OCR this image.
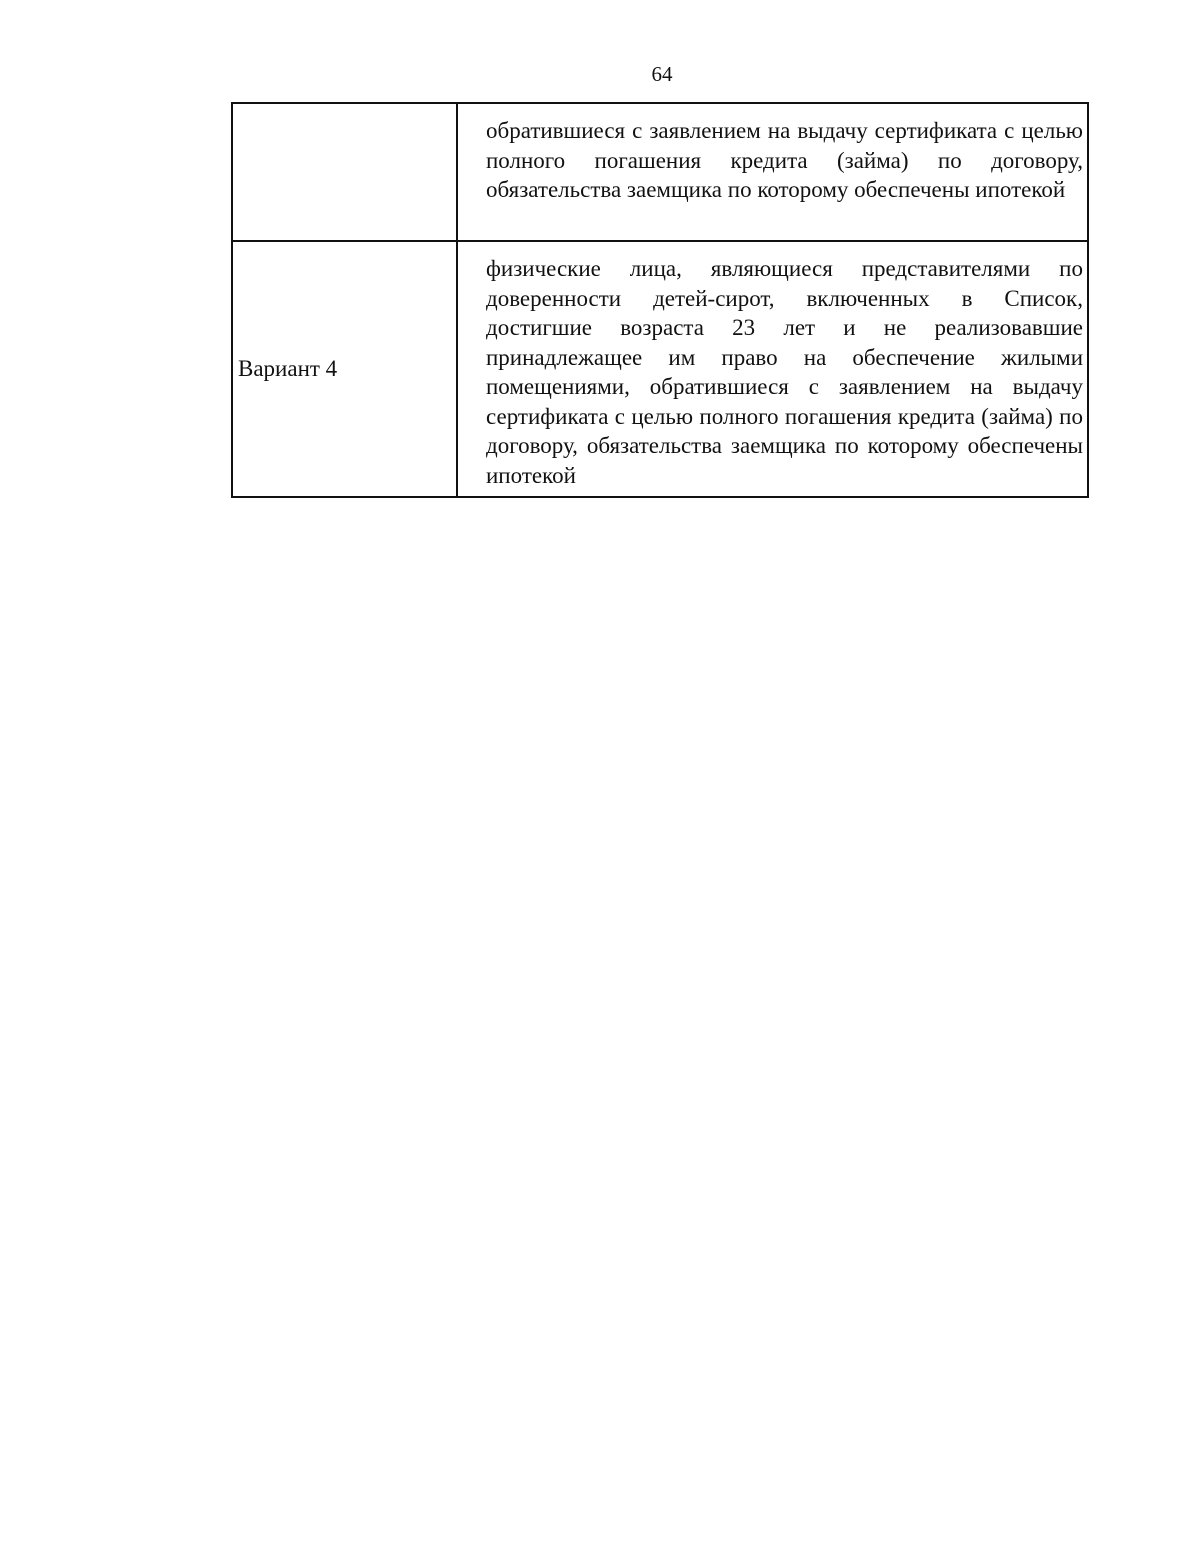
64
	обратившиеся с заявлением на выдачу сертификата с целью полного погашения кредита (займа) по договору, обязательства заемщика по которому обеспечены ипотекой

Вариант 4	физические лица, являющиеся представителями по доверенности детей-сирот, включенных в Список, достигшие возраста 23 лет и не реализовавшие принадлежащее им право на обеспечение жилыми помещениями, обратившиеся с заявлением на выдачу сертификата с целью полного погашения кредита (займа) по договору, обязательства заемщика по которому обеспечены ипотекой
